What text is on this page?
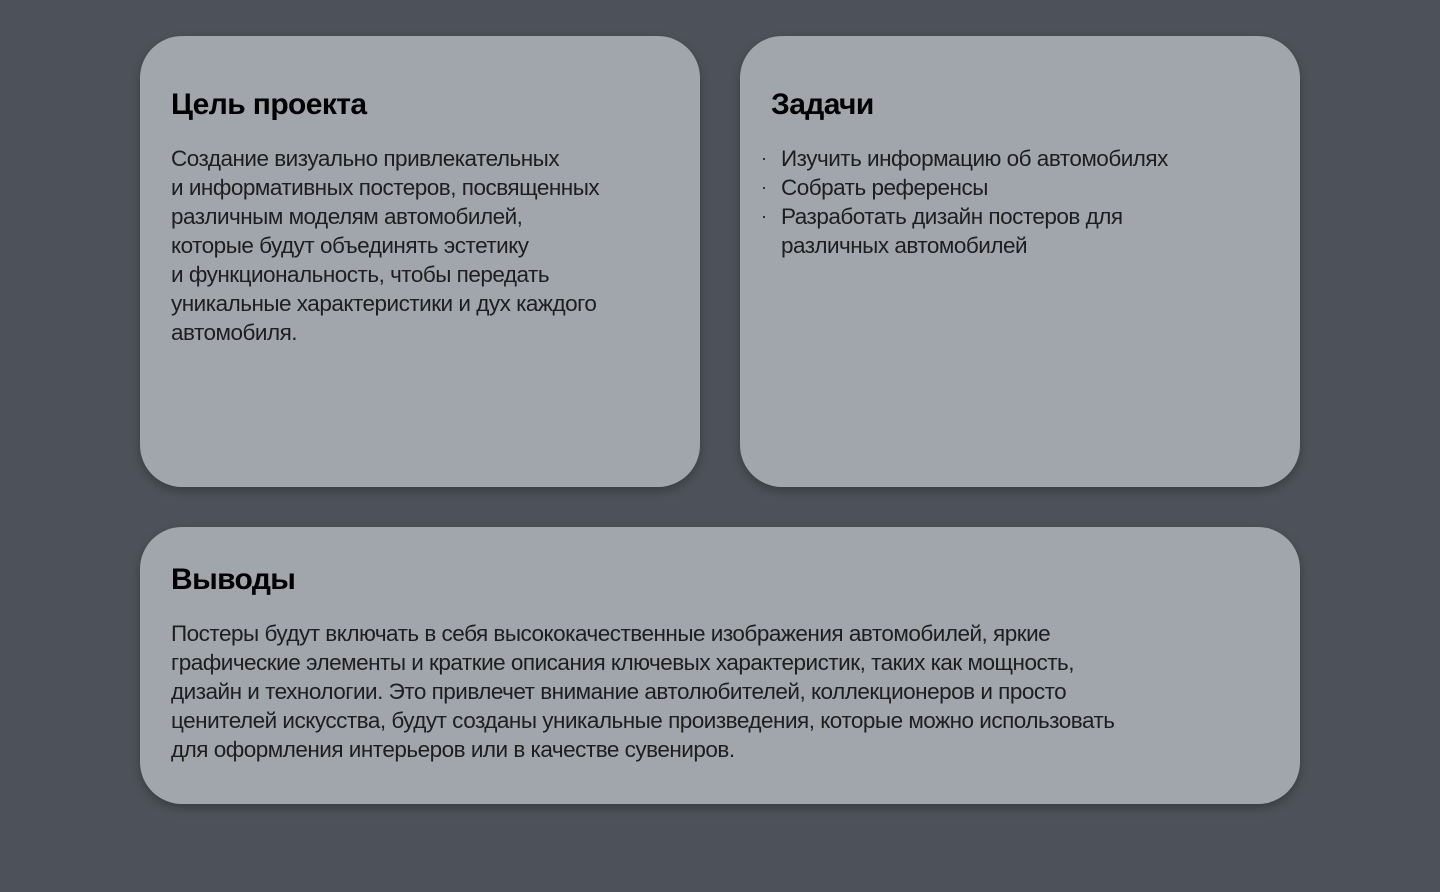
Цель проекта

Создание визуально привлекательных
и информативных постеров, посвященных
различным моделям автомобилей,
которые будут объединять эстетику
и функциональность, чтобы передать
уникальные характеристики и дух каждого
автомобиля.

Задачи
· Изучить информацию об автомобилях
· Собрать референсы
· Разработать дизайн постеров для
различных автомобилей
Выводы

Постеры будут включать в себя высококачественные изображения автомобилей, яркие
графические элементы и краткие описания ключевых характеристик, таких как мощность,
дизайн и технологии. Это привлечет внимание автолюбителей, коллекционеров и просто
ценителей искусства, будут созданы уникальные произведения, которые можно использовать
для оформления интерьеров или в качестве сувениров.
